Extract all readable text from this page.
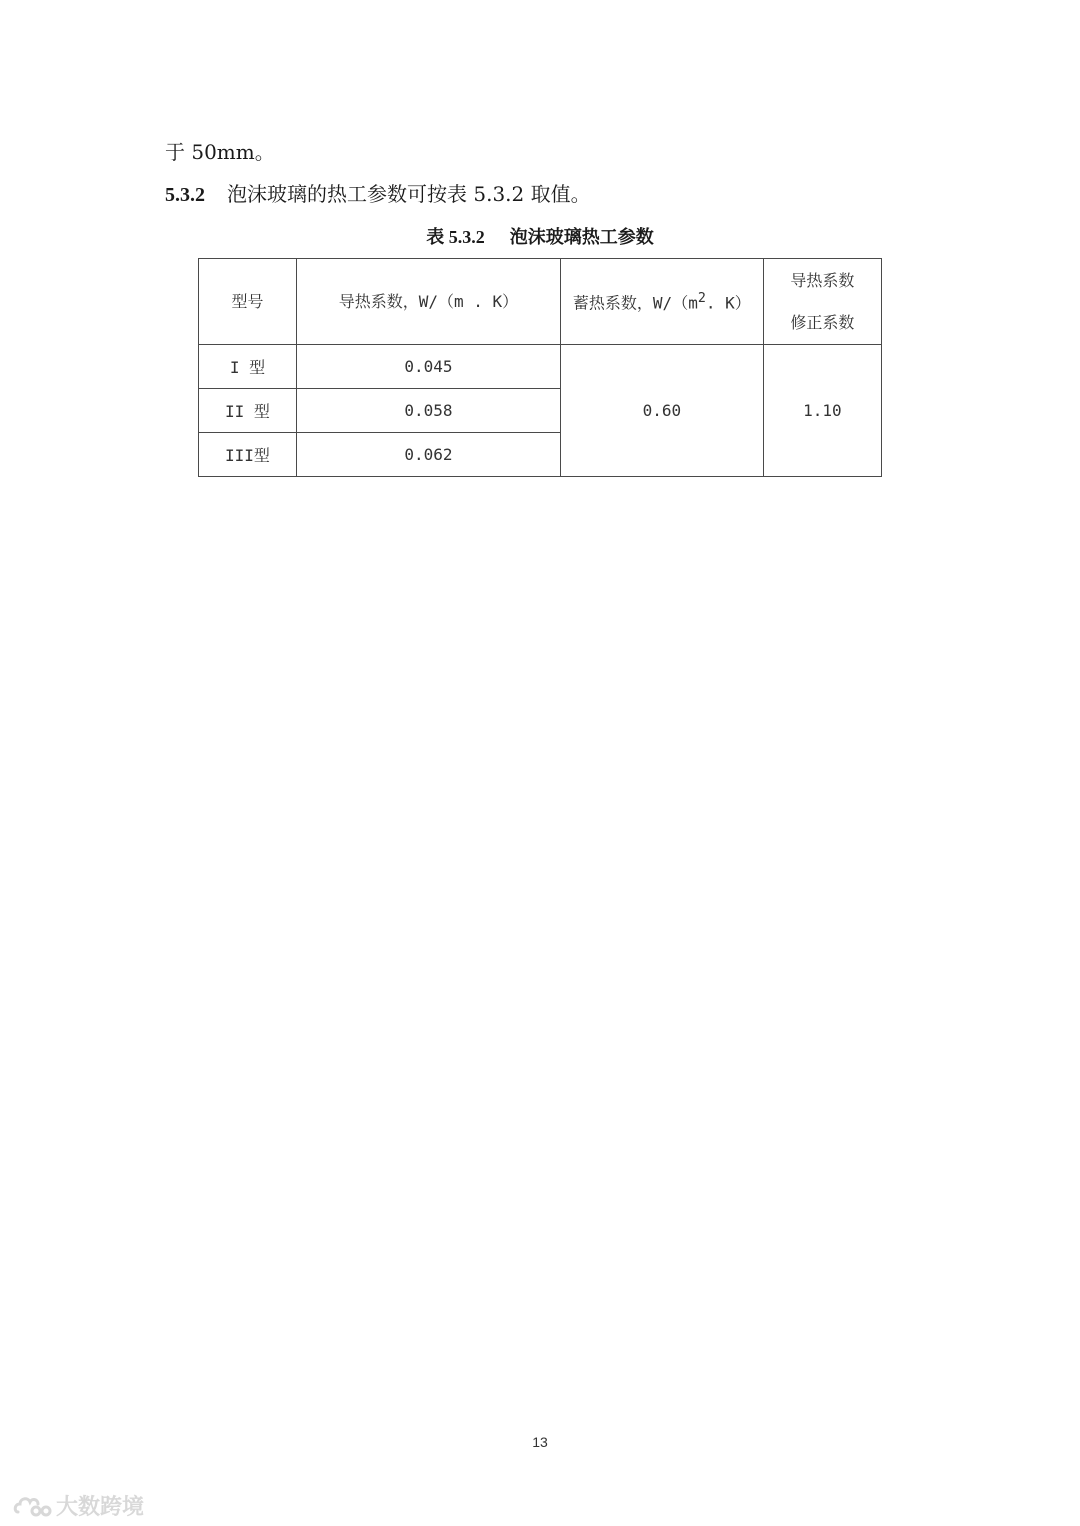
于 50mm。
5.3.2 泡沫玻璃的热工参数可按表 5.3.2 取值。
表 5.3.2 泡沫玻璃热工参数
型号	导热系数，W/（m . K）	蓄热系数，$W/(m^2$. K）	导热系数
修正系数
I 型	0.045	0.60	1.10
II 型	0.058		
III型	0.062		
13
大数跨境
